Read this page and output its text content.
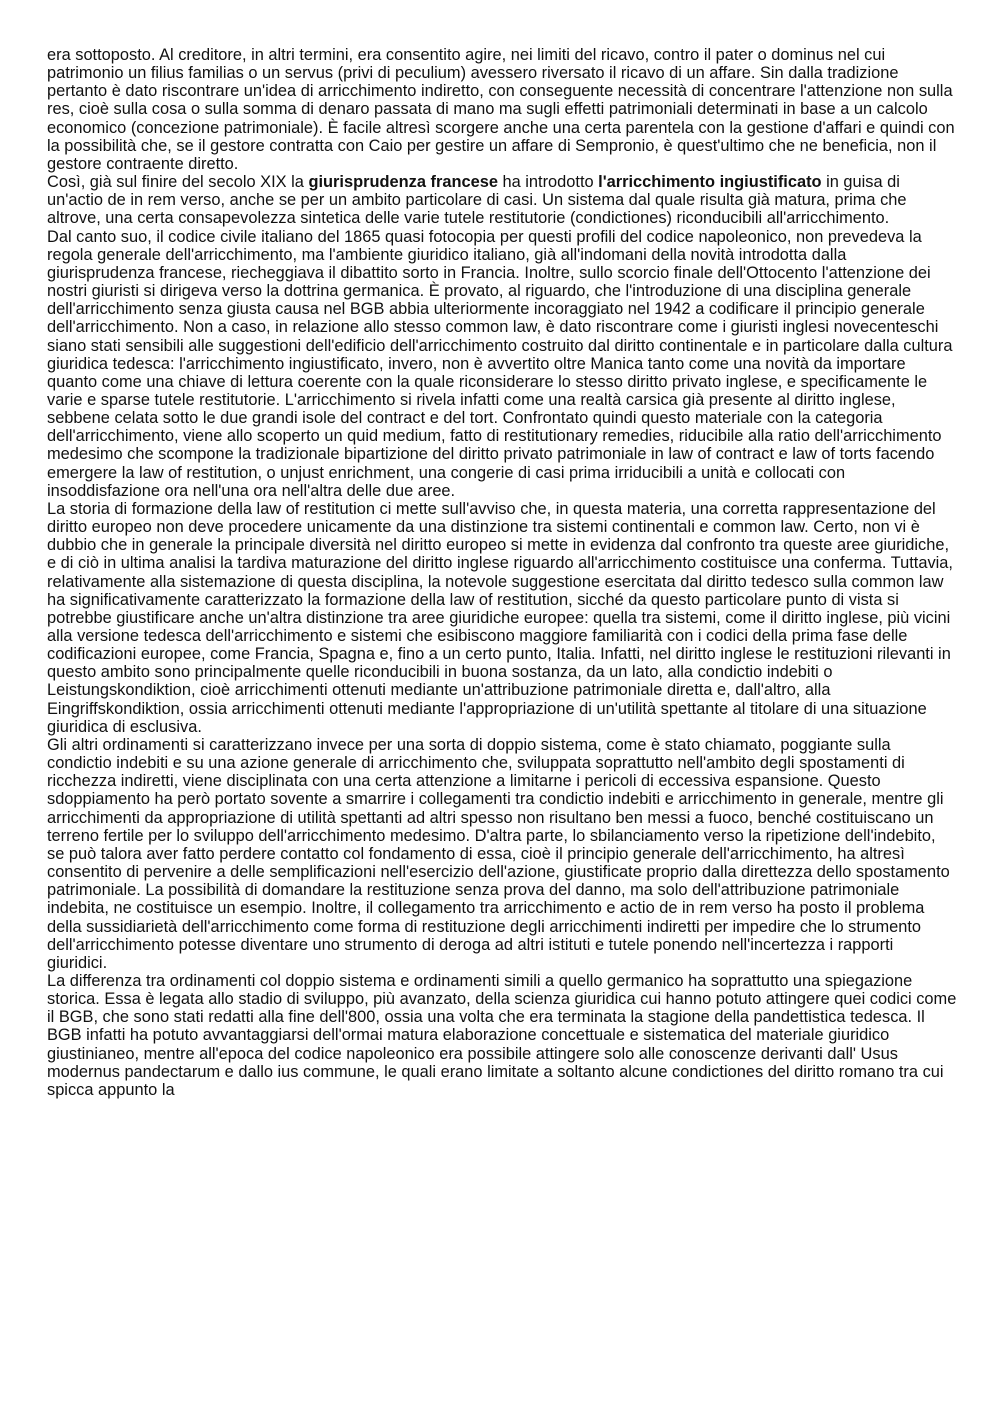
era sottoposto. Al creditore, in altri termini, era consentito agire, nei limiti del ricavo, contro il pater o dominus nel cui patrimonio un filius familias o un servus (privi di peculium) avessero riversato il ricavo di un affare. Sin dalla tradizione pertanto è dato riscontrare un'idea di arricchimento indiretto, con conseguente necessità di concentrare l'attenzione non sulla res, cioè sulla cosa o sulla somma di denaro passata di mano ma sugli effetti patrimoniali determinati in base a un calcolo economico (concezione patrimoniale). È facile altresì scorgere anche una certa parentela con la gestione d'affari e quindi con la possibilità che, se il gestore contratta con Caio per gestire un affare di Sempronio, è quest'ultimo che ne beneficia, non il gestore contraente diretto.

Così, già sul finire del secolo XIX la giurisprudenza francese ha introdotto l'arricchimento ingiustificato in guisa di un'actio de in rem verso, anche se per un ambito particolare di casi. Un sistema dal quale risulta già matura, prima che altrove, una certa consapevolezza sintetica delle varie tutele restitutorie (condictiones) riconducibili all'arricchimento.

Dal canto suo, il codice civile italiano del 1865 quasi fotocopia per questi profili del codice napoleonico, non prevedeva la regola generale dell'arricchimento, ma l'ambiente giuridico italiano, già all'indomani della novità introdotta dalla giurisprudenza francese, riecheggiava il dibattito sorto in Francia. Inoltre, sullo scorcio finale dell'Ottocento l'attenzione dei nostri giuristi si dirigeva verso la dottrina germanica. È provato, al riguardo, che l'introduzione di una disciplina generale dell'arricchimento senza giusta causa nel BGB abbia ulteriormente incoraggiato nel 1942 a codificare il principio generale dell'arricchimento. Non a caso, in relazione allo stesso common law, è dato riscontrare come i giuristi inglesi novecenteschi siano stati sensibili alle suggestioni dell'edificio dell'arricchimento costruito dal diritto continentale e in particolare dalla cultura giuridica tedesca: l'arricchimento ingiustificato, invero, non è avvertito oltre Manica tanto come una novità da importare quanto come una chiave di lettura coerente con la quale riconsiderare lo stesso diritto privato inglese, e specificamente le varie e sparse tutele restitutorie. L'arricchimento si rivela infatti come una realtà carsica già presente al diritto inglese, sebbene celata sotto le due grandi isole del contract e del tort. Confrontato quindi questo materiale con la categoria dell'arricchimento, viene allo scoperto un quid medium, fatto di restitutionary remedies, riducibile alla ratio dell'arricchimento medesimo che scompone la tradizionale bipartizione del diritto privato patrimoniale in law of contract e law of torts facendo emergere la law of restitution, o unjust enrichment, una congerie di casi prima irriducibili a unità e collocati con insoddisfazione ora nell'una ora nell'altra delle due aree.

La storia di formazione della law of restitution ci mette sull'avviso che, in questa materia, una corretta rappresentazione del diritto europeo non deve procedere unicamente da una distinzione tra sistemi continentali e common law. Certo, non vi è dubbio che in generale la principale diversità nel diritto europeo si mette in evidenza dal confronto tra queste aree giuridiche, e di ciò in ultima analisi la tardiva maturazione del diritto inglese riguardo all'arricchimento costituisce una conferma. Tuttavia, relativamente alla sistemazione di questa disciplina, la notevole suggestione esercitata dal diritto tedesco sulla common law ha significativamente caratterizzato la formazione della law of restitution, sicché da questo particolare punto di vista si potrebbe giustificare anche un'altra distinzione tra aree giuridiche europee: quella tra sistemi, come il diritto inglese, più vicini alla versione tedesca dell'arricchimento e sistemi che esibiscono maggiore familiarità con i codici della prima fase delle codificazioni europee, come Francia, Spagna e, fino a un certo punto, Italia. Infatti, nel diritto inglese le restituzioni rilevanti in questo ambito sono principalmente quelle riconducibili in buona sostanza, da un lato, alla condictio indebiti o Leistungskondiktion, cioè arricchimenti ottenuti mediante un'attribuzione patrimoniale diretta e, dall'altro, alla Eingriffskondiktion, ossia arricchimenti ottenuti mediante l'appropriazione di un'utilità spettante al titolare di una situazione giuridica di esclusiva.

Gli altri ordinamenti si caratterizzano invece per una sorta di doppio sistema, come è stato chiamato, poggiante sulla condictio indebiti e su una azione generale di arricchimento che, sviluppata soprattutto nell'ambito degli spostamenti di ricchezza indiretti, viene disciplinata con una certa attenzione a limitarne i pericoli di eccessiva espansione. Questo sdoppiamento ha però portato sovente a smarrire i collegamenti tra condictio indebiti e arricchimento in generale, mentre gli arricchimenti da appropriazione di utilità spettanti ad altri spesso non risultano ben messi a fuoco, benché costituiscano un terreno fertile per lo sviluppo dell'arricchimento medesimo. D'altra parte, lo sbilanciamento verso la ripetizione dell'indebito, se può talora aver fatto perdere contatto col fondamento di essa, cioè il principio generale dell'arricchimento, ha altresì consentito di pervenire a delle semplificazioni nell'esercizio dell'azione, giustificate proprio dalla direttezza dello spostamento patrimoniale. La possibilità di domandare la restituzione senza prova del danno, ma solo dell'attribuzione patrimoniale indebita, ne costituisce un esempio. Inoltre, il collegamento tra arricchimento e actio de in rem verso ha posto il problema della sussidiarietà dell'arricchimento come forma di restituzione degli arricchimenti indiretti per impedire che lo strumento dell'arricchimento potesse diventare uno strumento di deroga ad altri istituti e tutele ponendo nell'incertezza i rapporti giuridici.

La differenza tra ordinamenti col doppio sistema e ordinamenti simili a quello germanico ha soprattutto una spiegazione storica. Essa è legata allo stadio di sviluppo, più avanzato, della scienza giuridica cui hanno potuto attingere quei codici come il BGB, che sono stati redatti alla fine dell'800, ossia una volta che era terminata la stagione della pandettistica tedesca. Il BGB infatti ha potuto avvantaggiarsi dell'ormai matura elaborazione concettuale e sistematica del materiale giuridico giustinianeo, mentre all'epoca del codice napoleonico era possibile attingere solo alle conoscenze derivanti dall' Usus modernus pandectarum e dallo ius commune, le quali erano limitate a soltanto alcune condictiones del diritto romano tra cui spicca appunto la
